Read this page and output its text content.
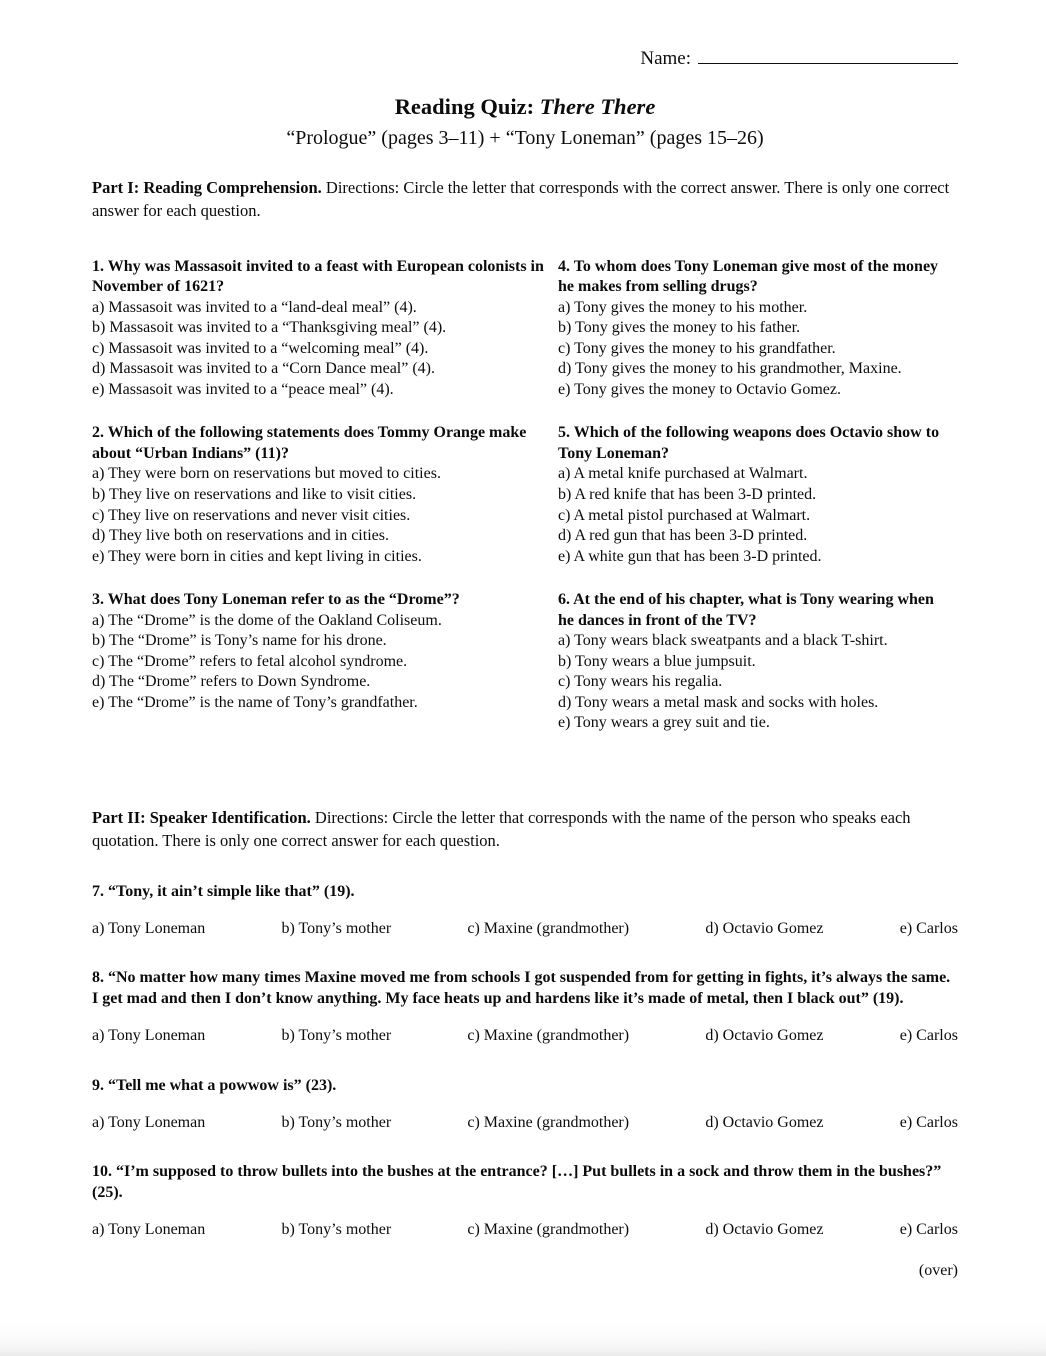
Name:
Reading Quiz: There There
“Prologue” (pages 3–11) + “Tony Loneman” (pages 15–26)

Part I: Reading Comprehension. Directions: Circle the letter that corresponds with the correct answer. There is only one correct answer for each question.

1. Why was Massasoit invited to a feast with European colonists in November of 1621?
a) Massasoit was invited to a “land-deal meal” (4).
b) Massasoit was invited to a “Thanksgiving meal” (4).
c) Massasoit was invited to a “welcoming meal” (4).
d) Massasoit was invited to a “Corn Dance meal” (4).
e) Massasoit was invited to a “peace meal” (4).
4. To whom does Tony Loneman give most of the money he makes from selling drugs?
a) Tony gives the money to his mother.
b) Tony gives the money to his father.
c) Tony gives the money to his grandfather.
d) Tony gives the money to his grandmother, Maxine.
e) Tony gives the money to Octavio Gomez.
2. Which of the following statements does Tommy Orange make about “Urban Indians” (11)?
a) They were born on reservations but moved to cities.
b) They live on reservations and like to visit cities.
c) They live on reservations and never visit cities.
d) They live both on reservations and in cities.
e) They were born in cities and kept living in cities.
5. Which of the following weapons does Octavio show to Tony Loneman?
a) A metal knife purchased at Walmart.
b) A red knife that has been 3-D printed.
c) A metal pistol purchased at Walmart.
d) A red gun that has been 3-D printed.
e) A white gun that has been 3-D printed.
3. What does Tony Loneman refer to as the “Drome”?
a) The “Drome” is the dome of the Oakland Coliseum.
b) The “Drome” is Tony’s name for his drone.
c) The “Drome” refers to fetal alcohol syndrome.
d) The “Drome” refers to Down Syndrome.
e) The “Drome” is the name of Tony’s grandfather.
6. At the end of his chapter, what is Tony wearing when he dances in front of the TV?
a) Tony wears black sweatpants and a black T-shirt.
b) Tony wears a blue jumpsuit.
c) Tony wears his regalia.
d) Tony wears a metal mask and socks with holes.
e) Tony wears a grey suit and tie.

Part II: Speaker Identification. Directions: Circle the letter that corresponds with the name of the person who speaks each quotation. There is only one correct answer for each question.

7. “Tony, it ain’t simple like that” (19).
a) Tony Loneman	b) Tony’s mother	c) Maxine (grandmother)	d) Octavio Gomez	e) Carlos
8. “No matter how many times Maxine moved me from schools I got suspended from for getting in fights, it’s always the same. I get mad and then I don’t know anything. My face heats up and hardens like it’s made of metal, then I black out” (19).
a) Tony Loneman	b) Tony’s mother	c) Maxine (grandmother)	d) Octavio Gomez	e) Carlos
9. “Tell me what a powwow is” (23).
a) Tony Loneman	b) Tony’s mother	c) Maxine (grandmother)	d) Octavio Gomez	e) Carlos
10. “I’m supposed to throw bullets into the bushes at the entrance? […] Put bullets in a sock and throw them in the bushes?” (25).
a) Tony Loneman	b) Tony’s mother	c) Maxine (grandmother)	d) Octavio Gomez	e) Carlos
(over)
